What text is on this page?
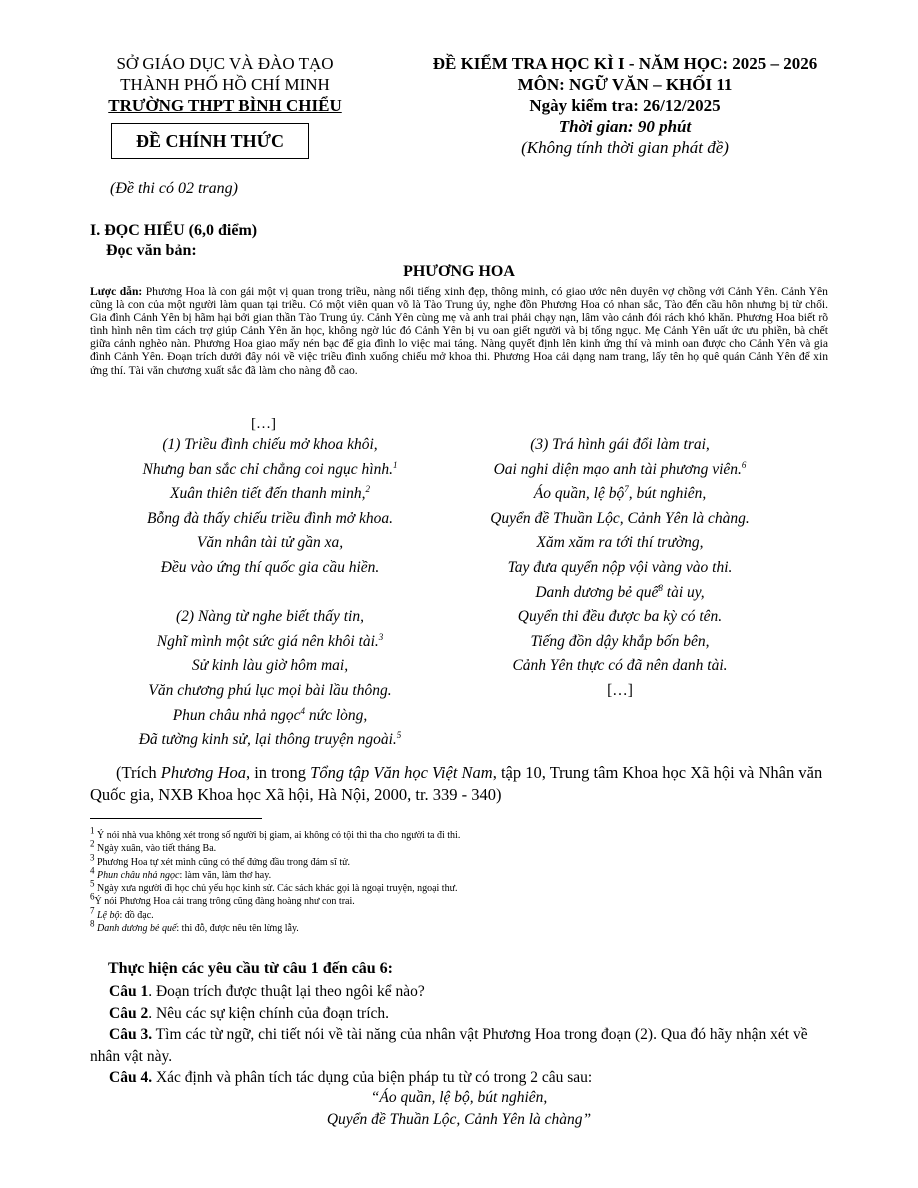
SỞ GIÁO DỤC VÀ ĐÀO TẠO
THÀNH PHỐ HỒ CHÍ MINH
TRƯỜNG THPT BÌNH CHIỂU
ĐỀ CHÍNH THỨC
ĐỀ KIỂM TRA HỌC KÌ I - NĂM HỌC: 2025 – 2026
MÔN: NGỮ VĂN – KHỐI 11
Ngày kiểm tra: 26/12/2025
Thời gian: 90 phút
(Không tính thời gian phát đề)
(Đề thi có 02 trang)
I. ĐỌC HIỂU (6,0 điểm)
Đọc văn bản:
PHƯƠNG HOA
Lược dẫn: Phương Hoa là con gái một vị quan trong triều, nàng nổi tiếng xinh đẹp, thông minh, có giao ước nên duyên vợ chồng với Cảnh Yên. Cảnh Yên cũng là con của một người làm quan tại triều. Có một viên quan võ là Tào Trung úy, nghe đồn Phương Hoa có nhan sắc, Tào đến cầu hôn nhưng bị từ chối. Gia đình Cảnh Yên bị hãm hại bởi gian thần Tào Trung úy. Cảnh Yên cùng mẹ và anh trai phải chạy nạn, lâm vào cảnh đói rách khó khăn. Phương Hoa biết rõ tình hình nên tìm cách trợ giúp Cảnh Yên ăn học, không ngờ lúc đó Cảnh Yên bị vu oan giết người và bị tống ngục. Mẹ Cảnh Yên uất ức ưu phiền, bà chết giữa cảnh nghèo nàn. Phương Hoa giao mấy nén bạc để gia đình lo việc mai táng. Nàng quyết định lên kinh ứng thí và minh oan được cho Cảnh Yên và gia đình Cảnh Yên. Đoạn trích dưới đây nói về việc triều đình xuống chiếu mở khoa thi. Phương Hoa cải dạng nam trang, lấy tên họ quê quán Cảnh Yên để xin ứng thí. Tài văn chương xuất sắc đã làm cho nàng đỗ cao.
[…]
(1) Triều đình chiếu mở khoa khôi,
Nhưng ban sắc chỉ chẳng coi ngục hình.$^1$
Xuân thiên tiết đến thanh minh,$^2$
Bỗng đà thấy chiếu triều đình mở khoa.
Văn nhân tài tử gần xa,
Đều vào ứng thí quốc gia cầu hiền.
(2) Nàng từ nghe biết thấy tin,
Nghĩ mình một sức giá nên khôi tài.$^3$
Sử kinh làu giờ hôm mai,
Văn chương phú lục mọi bài lầu thông.
Phun châu nhả ngọc$^4$ nức lòng,
Đã tường kinh sử, lại thông truyện ngoài.$^5$
(3) Trá hình gái đổi làm trai,
Oai nghi diện mạo anh tài phương viên.$^6$
Áo quần, lệ bộ$^7$, bút nghiên,
Quyển đề Thuần Lộc, Cảnh Yên là chàng.
Xăm xăm ra tới thí trường,
Tay đưa quyển nộp vội vàng vào thi.
Danh dương bẻ quế$^8$ tài uy,
Quyển thi đều được ba kỳ có tên.
Tiếng đồn dậy khắp bốn bên,
Cảnh Yên thực có đã nên danh tài.
[…]
(Trích Phương Hoa, in trong Tổng tập Văn học Việt Nam, tập 10, Trung tâm Khoa học Xã hội và Nhân văn Quốc gia, NXB Khoa học Xã hội, Hà Nội, 2000, tr. 339 - 340)
$^1$ Ý nói nhà vua không xét trong số người bị giam, ai không có tội thì tha cho người ta đi thi.
$^2$ Ngày xuân, vào tiết tháng Ba.
$^3$ Phương Hoa tự xét mình cũng có thể đứng đầu trong đám sĩ tử.
$^4$ Phun châu nhả ngọc: làm văn, làm thơ hay.
$^5$ Ngày xưa người đi học chủ yếu học kinh sử. Các sách khác gọi là ngoại truyện, ngoại thư.
$^6$Ý nói Phương Hoa cải trang trông cũng đàng hoàng như con trai.
$^7$ Lệ bộ: đồ đạc.
$^8$ Danh dương bẻ quế: thi đỗ, được nêu tên lừng lẫy.
Thực hiện các yêu cầu từ câu 1 đến câu 6:
Câu 1. Đoạn trích được thuật lại theo ngôi kể nào?
Câu 2. Nêu các sự kiện chính của đoạn trích.
Câu 3. Tìm các từ ngữ, chi tiết nói về tài năng của nhân vật Phương Hoa trong đoạn (2). Qua đó hãy nhận xét về nhân vật này.
Câu 4. Xác định và phân tích tác dụng của biện pháp tu từ có trong 2 câu sau:
“Áo quần, lệ bộ, bút nghiên,
Quyển đề Thuần Lộc, Cảnh Yên là chàng”
